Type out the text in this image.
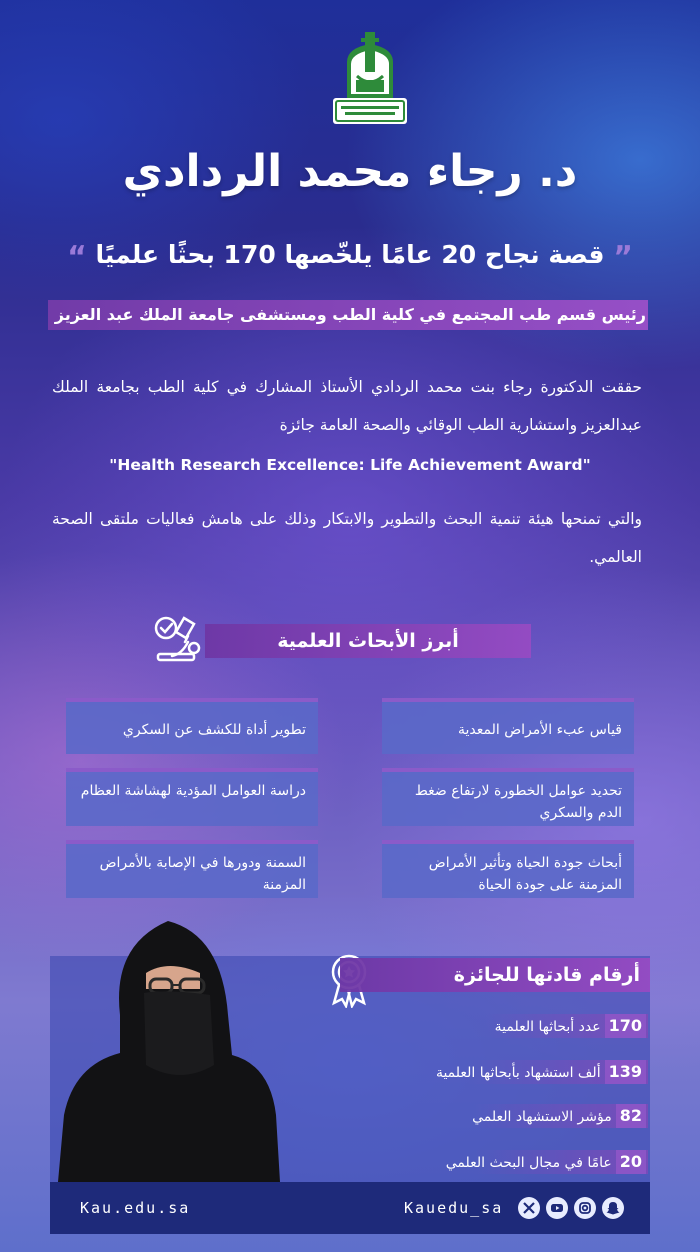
د. رجاء محمد الردادي
” قصة نجاح 20 عامًا يلخّصها 170 بحثًا علميًا “
رئيس قسم طب المجتمع في كلية الطب ومستشفى جامعة الملك عبد العزيز
حققت الدكتورة رجاء بنت محمد الردادي الأستاذ المشارك في كلية الطب بجامعة الملك عبدالعزيز واستشارية الطب الوقائي والصحة العامة جائزة
"Health Research Excellence: Life Achievement Award"
والتي تمنحها هيئة تنمية البحث والتطوير والابتكار وذلك على هامش فعاليات ملتقى الصحة العالمي.
أبرز الأبحاث العلمية
قياس عبء الأمراض المعدية
تطوير أداة للكشف عن السكري
تحديد عوامل الخطورة لارتفاع ضغط الدم والسكري
دراسة العوامل المؤدية لهشاشة العظام
أبحاث جودة الحياة وتأثير الأمراض المزمنة على جودة الحياة
السمنة ودورها في الإصابة بالأمراض المزمنة
أرقام قادتها للجائزة
170عدد أبحاثها العلمية
139ألف استشهاد بأبحاثها العلمية
82مؤشر الاستشهاد العلمي
20عامًا في مجال البحث العلمي
Kau.edu.sa	Kauedu_sa
